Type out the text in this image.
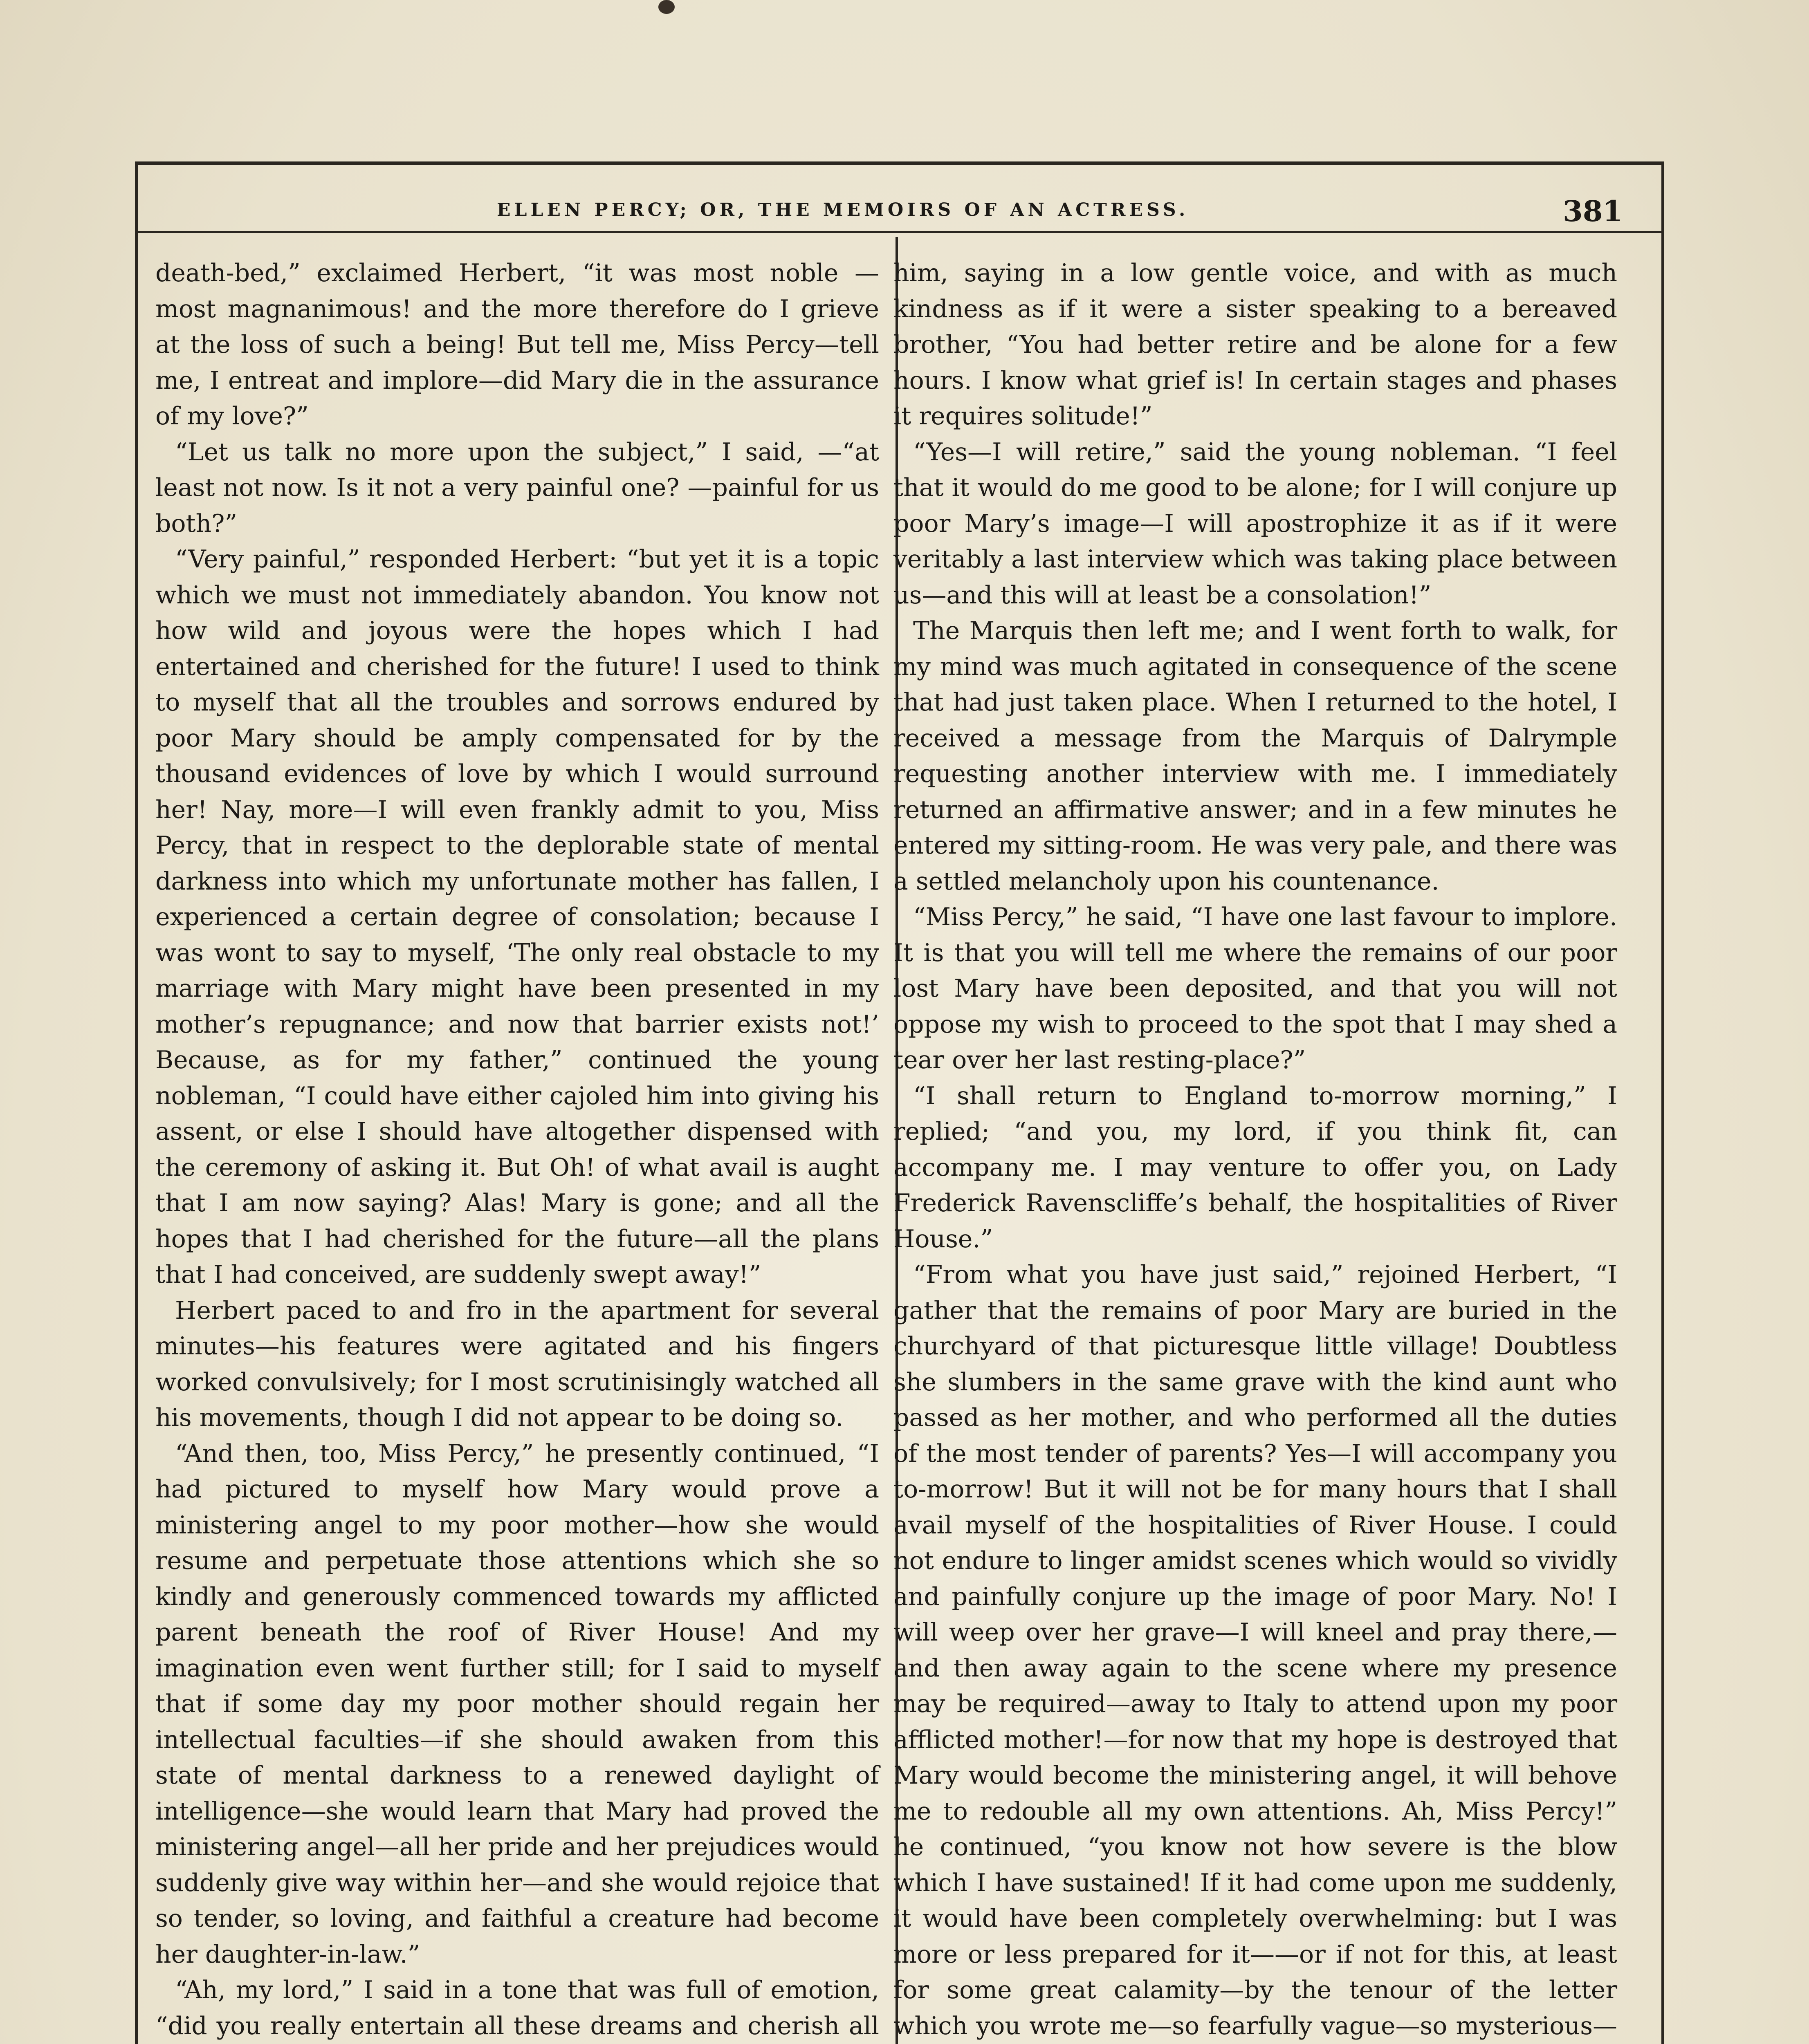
ELLEN PERCY; OR, THE MEMOIRS OF AN ACTRESS.	381

death-bed,” exclaimed Herbert, “it was most noble —most magnanimous! and the more therefore do I grieve at the loss of such a being! But tell me, Miss Percy—tell me, I entreat and implore—did Mary die in the assurance of my love?”

“Let us talk no more upon the subject,” I said, —“at least not now. Is it not a very painful one? —painful for us both?”

“Very painful,” responded Herbert: “but yet it is a topic which we must not immediately abandon. You know not how wild and joyous were the hopes which I had entertained and cherished for the future! I used to think to myself that all the troubles and sorrows endured by poor Mary should be amply compensated for by the thousand evidences of love by which I would surround her! Nay, more—I will even frankly admit to you, Miss Percy, that in respect to the deplorable state of mental darkness into which my unfortunate mother has fallen, I experienced a certain degree of consolation; because I was wont to say to myself, ‘The only real obstacle to my marriage with Mary might have been presented in my mother’s repugnance; and now that barrier exists not!’ Because, as for my father,” continued the young nobleman, “I could have either cajoled him into giving his assent, or else I should have altogether dispensed with the ceremony of asking it. But Oh! of what avail is aught that I am now saying? Alas! Mary is gone; and all the hopes that I had cherished for the future—all the plans that I had conceived, are suddenly swept away!”

Herbert paced to and fro in the apartment for several minutes—his features were agitated and his fingers worked convulsively; for I most scrutinisingly watched all his movements, though I did not appear to be doing so.

“And then, too, Miss Percy,” he presently continued, “I had pictured to myself how Mary would prove a ministering angel to my poor mother—how she would resume and perpetuate those attentions which she so kindly and generously commenced towards my afflicted parent beneath the roof of River House! And my imagination even went further still; for I said to myself that if some day my poor mother should regain her intellectual faculties—if she should awaken from this state of mental darkness to a renewed daylight of intelligence—she would learn that Mary had proved the ministering angel—all her pride and her prejudices would suddenly give way within her—and she would rejoice that so tender, so loving, and faithful a creature had become her daughter-in-law.”

“Ah, my lord,” I said in a tone that was full of emotion, “did you really entertain all these dreams and cherish all

him, saying in a low gentle voice, and with as much kindness as if it were a sister speaking to a bereaved brother, “You had better retire and be alone for a few hours. I know what grief is! In certain stages and phases it requires solitude!”

“Yes—I will retire,” said the young nobleman. “I feel that it would do me good to be alone; for I will conjure up poor Mary’s image—I will apostrophize it as if it were veritably a last interview which was taking place between us—and this will at least be a consolation!”

The Marquis then left me; and I went forth to walk, for my mind was much agitated in consequence of the scene that had just taken place. When I returned to the hotel, I received a message from the Marquis of Dalrymple requesting another interview with me. I immediately returned an affirmative answer; and in a few minutes he entered my sitting-room. He was very pale, and there was a settled melancholy upon his countenance.

“Miss Percy,” he said, “I have one last favour to implore. It is that you will tell me where the remains of our poor lost Mary have been deposited, and that you will not oppose my wish to proceed to the spot that I may shed a tear over her last resting-place?”

“I shall return to England to-morrow morning,” I replied; “and you, my lord, if you think fit, can accompany me. I may venture to offer you, on Lady Frederick Ravenscliffe’s behalf, the hospitalities of River House.”

“From what you have just said,” rejoined Herbert, “I gather that the remains of poor Mary are buried in the churchyard of that picturesque little village! Doubtless she slumbers in the same grave with the kind aunt who passed as her mother, and who performed all the duties of the most tender of parents? Yes—I will accompany you to-morrow! But it will not be for many hours that I shall avail myself of the hospitalities of River House. I could not endure to linger amidst scenes which would so vividly and painfully conjure up the image of poor Mary. No! I will weep over her grave—I will kneel and pray there,—and then away again to the scene where my presence may be required—away to Italy to attend upon my poor afflicted mother!—for now that my hope is destroyed that Mary would become the ministering angel, it will behove me to redouble all my own attentions. Ah, Miss Percy!” he continued, “you know not how severe is the blow which I have sustained! If it had come upon me suddenly, it would have been completely overwhelming: but I was more or less prepared for it——or if not for this, at least for some great calamity—by the tenour of the letter which you wrote me—so fearfully vague—so mysterious—
